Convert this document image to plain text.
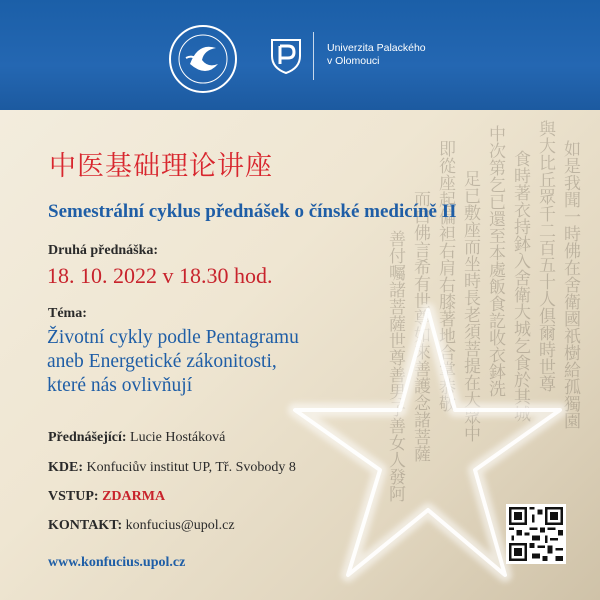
如是我聞一時佛在舍衛國祇樹給孤獨園
與大比丘眾千二百五十人俱爾時世尊
食時著衣持鉢入舍衛大城乞食於其城
中次第乞已還至本處飯食訖收衣鉢洗
足已敷座而坐時長老須菩提在大眾中
即從座起偏袒右肩右膝著地合掌恭敬
而白佛言希有世尊如來善護念諸菩薩
善付囑諸菩薩世尊善男子善女人發阿
Univerzita Palackého
v Olomouci
中医基础理论讲座
Semestrální cyklus přednášek o čínské medicíně II
Druhá přednáška:
18. 10. 2022 v 18.30 hod.
Téma:
Životní cykly podle Pentagramu
aneb Energetické zákonitosti,
které nás ovlivňují
Přednášející: Lucie Hostáková
KDE: Konfuciův institut UP, Tř. Svobody 8
VSTUP: ZDARMA
KONTAKT: konfucius@upol.cz
www.konfucius.upol.cz
